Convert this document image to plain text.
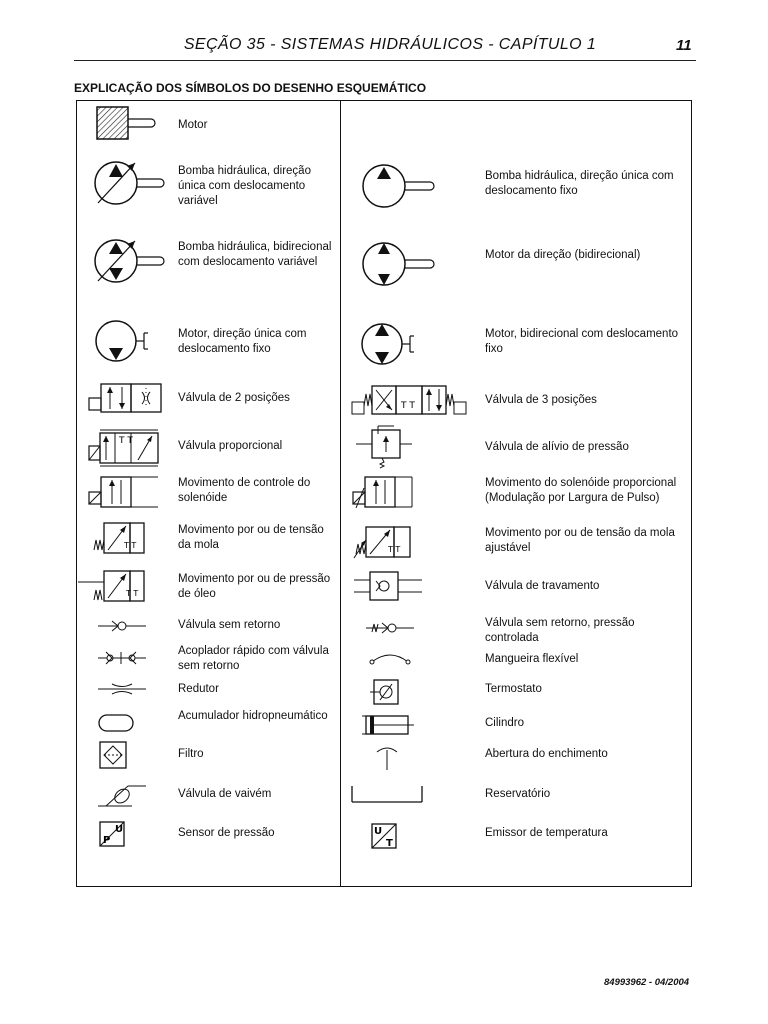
SEÇÃO 35 - SISTEMAS HIDRÁULICOS - CAPÍTULO 1	11
EXPLICAÇÃO DOS SÍMBOLOS DO DESENHO ESQUEMÁTICO
Motor
Bomba hidráulica, direção única com deslocamento variável
Bomba hidráulica, bidirecional com deslocamento variável
Motor, direção única com deslocamento fixo
Válvula de 2 posições
Válvula proporcional
Movimento de controle do solenóide
Movimento por ou de tensão da mola
Movimento por ou de pressão de óleo
Válvula sem retorno
Acoplador rápido com válvula sem retorno
Redutor
Acumulador hidropneumático
Filtro
Válvula de vaivém
Sensor de pressão
Bomba hidráulica, direção única com deslocamento fixo
Motor da direção (bidirecional)
Motor, bidirecional com deslocamento fixo
Válvula de 3 posições
Válvula de alívio de pressão
Movimento do solenóide proporcional (Modulação por Largura de Pulso)
Movimento por ou de tensão da mola ajustável
Válvula de travamento
Válvula sem retorno, pressão controlada
Mangueira flexível
Termostato
Cilindro
Abertura do enchimento
Reservatório
Emissor de temperatura
T T
T T
T T
U
P
T T
T T
U
T
84993962 - 04/2004
